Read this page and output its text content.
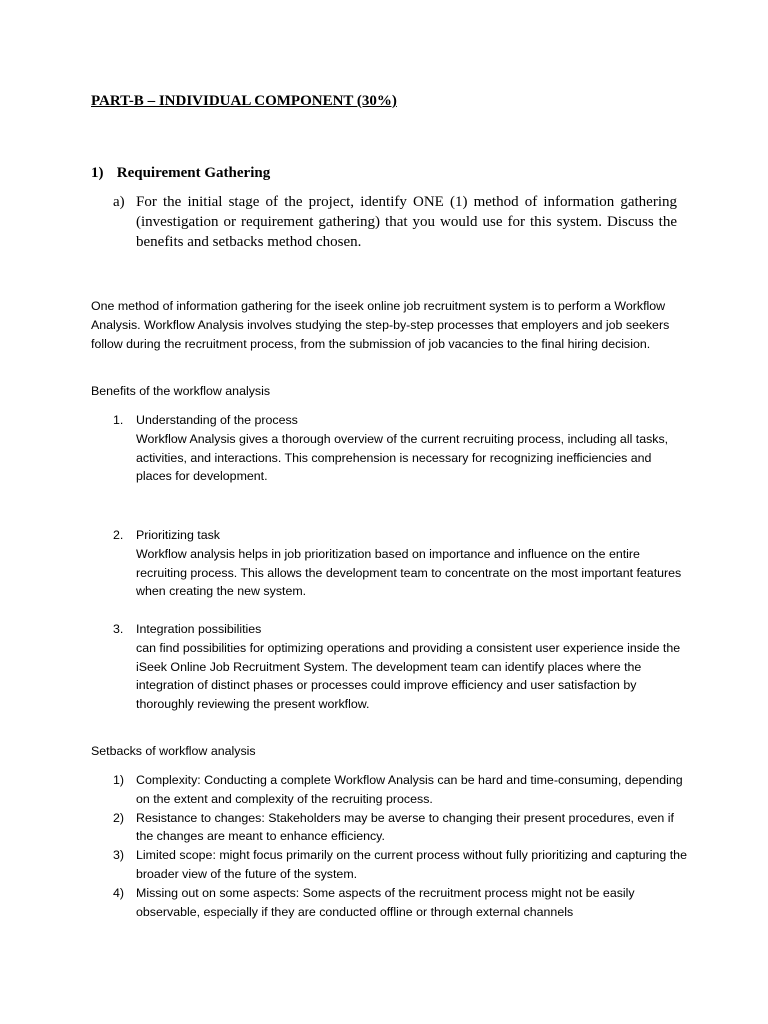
PART-B – INDIVIDUAL COMPONENT (30%)
1) Requirement Gathering
a) For the initial stage of the project, identify ONE (1) method of information gathering (investigation or requirement gathering) that you would use for this system. Discuss the benefits and setbacks method chosen.
One method of information gathering for the iseek online job recruitment system is to perform a Workflow Analysis. Workflow Analysis involves studying the step-by-step processes that employers and job seekers follow during the recruitment process, from the submission of job vacancies to the final hiring decision.
Benefits of the workflow analysis
1. Understanding of the process
Workflow Analysis gives a thorough overview of the current recruiting process, including all tasks, activities, and interactions. This comprehension is necessary for recognizing inefficiencies and places for development.
2. Prioritizing task
Workflow analysis helps in job prioritization based on importance and influence on the entire recruiting process. This allows the development team to concentrate on the most important features when creating the new system.
3. Integration possibilities
can find possibilities for optimizing operations and providing a consistent user experience inside the iSeek Online Job Recruitment System. The development team can identify places where the integration of distinct phases or processes could improve efficiency and user satisfaction by thoroughly reviewing the present workflow.
Setbacks of workflow analysis
1) Complexity: Conducting a complete Workflow Analysis can be hard and time-consuming, depending on the extent and complexity of the recruiting process.
2) Resistance to changes: Stakeholders may be averse to changing their present procedures, even if the changes are meant to enhance efficiency.
3) Limited scope: might focus primarily on the current process without fully prioritizing and capturing the broader view of the future of the system.
4) Missing out on some aspects: Some aspects of the recruitment process might not be easily observable, especially if they are conducted offline or through external channels
